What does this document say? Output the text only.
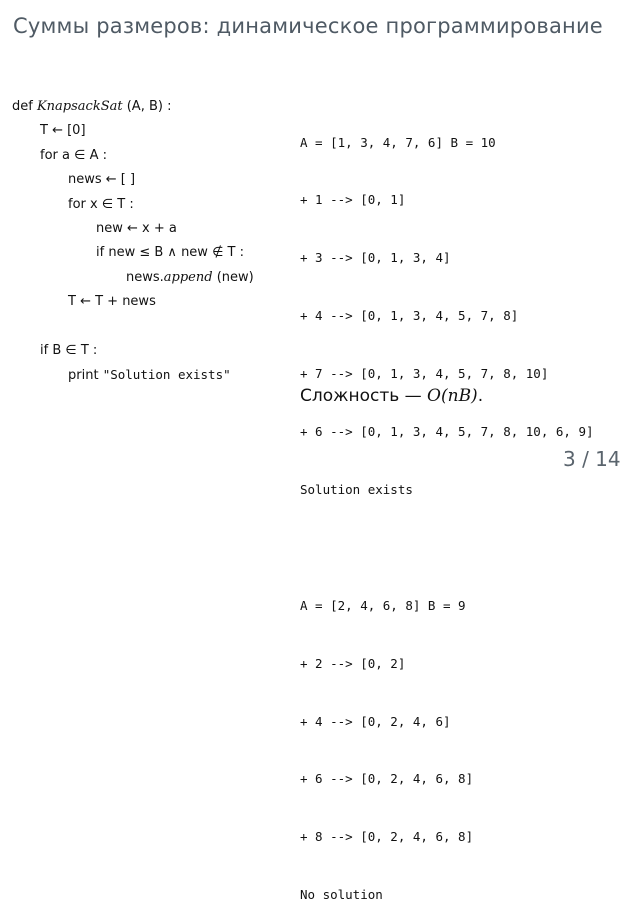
Суммы размеров: динамическое программирование
def KnapsackSat (A, B) :
T ← [0]
for a ∈ A :
news ← [ ]
for x ∈ T :
new ← x + a
if new ≤ B ∧ new ∉ T :
news.append (new)
T ← T + news
if B ∈ T :
print "Solution exists"

A = [1, 3, 4, 7, 6] B = 10

+ 1 --> [0, 1]

+ 3 --> [0, 1, 3, 4]

+ 4 --> [0, 1, 3, 4, 5, 7, 8]

+ 7 --> [0, 1, 3, 4, 5, 7, 8, 10]

+ 6 --> [0, 1, 3, 4, 5, 7, 8, 10, 6, 9]

Solution exists

A = [2, 4, 6, 8] B = 9

+ 2 --> [0, 2]

+ 4 --> [0, 2, 4, 6]

+ 6 --> [0, 2, 4, 6, 8]

+ 8 --> [0, 2, 4, 6, 8]

No solution

Сложность — O(nB).
3 / 14
